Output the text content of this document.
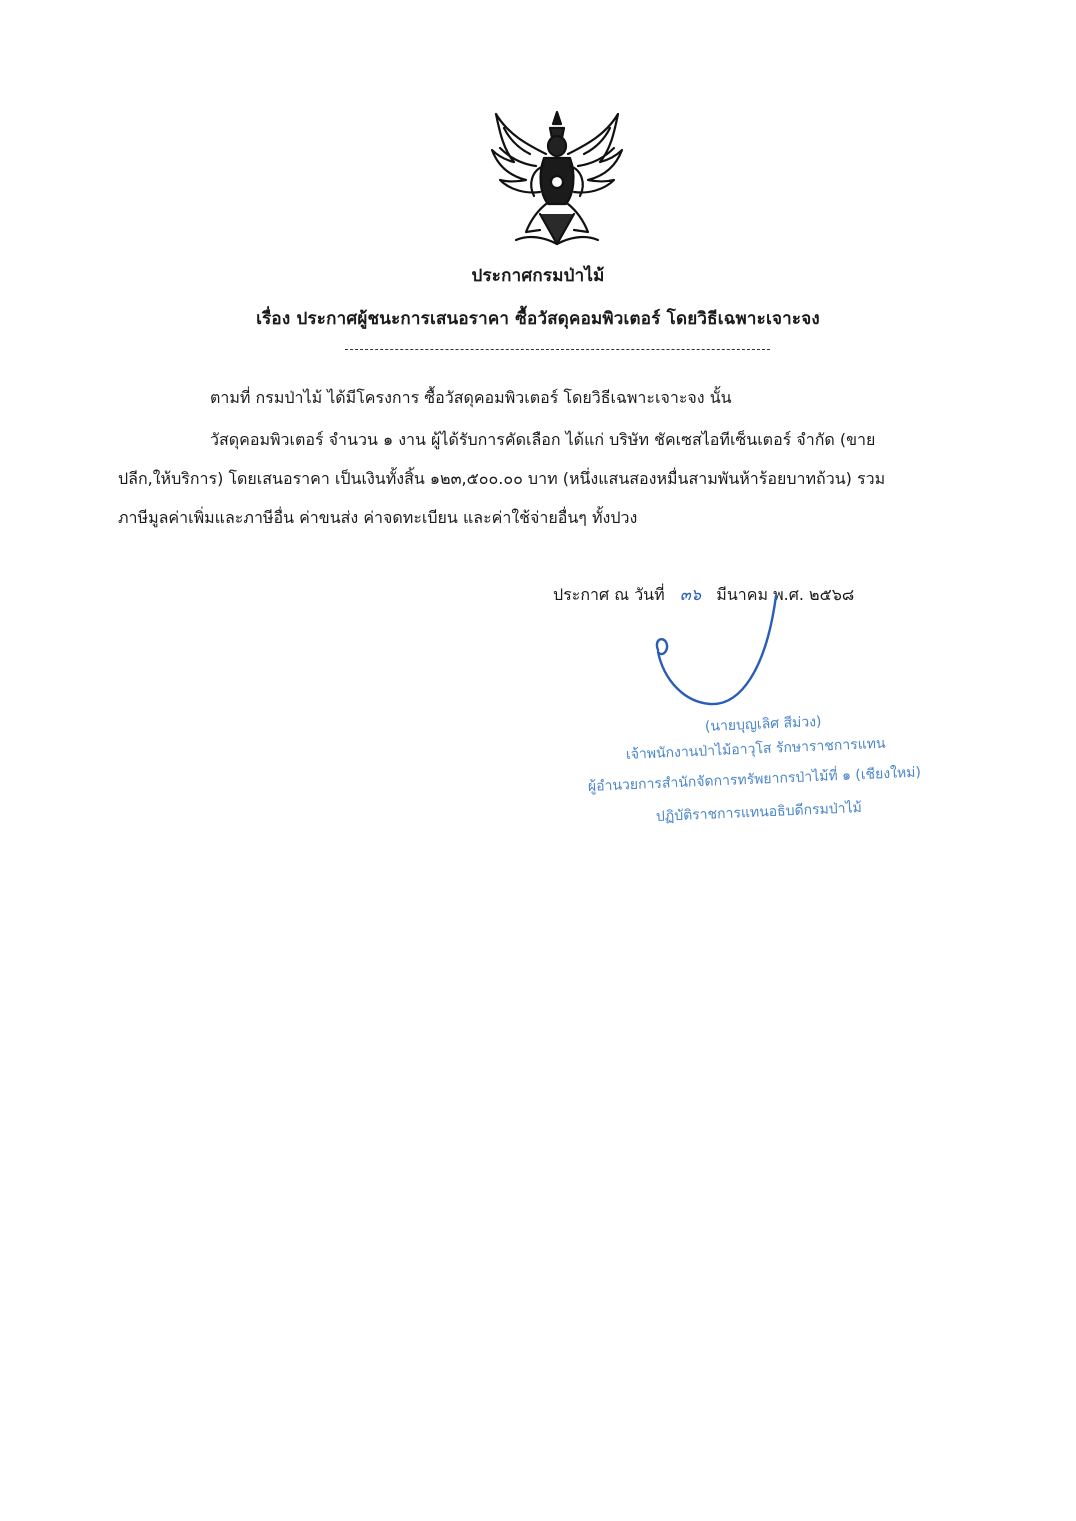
ประกาศกรมป่าไม้
เรื่อง ประกาศผู้ชนะการเสนอราคา ซื้อวัสดุคอมพิวเตอร์ โดยวิธีเฉพาะเจาะจง
ตามที่ กรมป่าไม้ ได้มีโครงการ ซื้อวัสดุคอมพิวเตอร์ โดยวิธีเฉพาะเจาะจง นั้น
วัสดุคอมพิวเตอร์ จำนวน ๑ งาน ผู้ได้รับการคัดเลือก ได้แก่ บริษัท ชัคเซสไอทีเซ็นเตอร์ จำกัด (ขาย
ปลีก,ให้บริการ) โดยเสนอราคา เป็นเงินทั้งสิ้น ๑๒๓,๕๐๐.๐๐ บาท (หนึ่งแสนสองหมื่นสามพันห้าร้อยบาทถ้วน) รวม
ภาษีมูลค่าเพิ่มและภาษีอื่น ค่าขนส่ง ค่าจดทะเบียน และค่าใช้จ่ายอื่นๆ ทั้งปวง
ประกาศ ณ วันที่ ๓๖ มีนาคม พ.ศ. ๒๕๖๘
(นายบุญเลิศ สีม่วง)
เจ้าพนักงานป่าไม้อาวุโส รักษาราชการแทน
ผู้อำนวยการสำนักจัดการทรัพยากรป่าไม้ที่ ๑ (เชียงใหม่)
ปฏิบัติราชการแทนอธิบดีกรมป่าไม้
